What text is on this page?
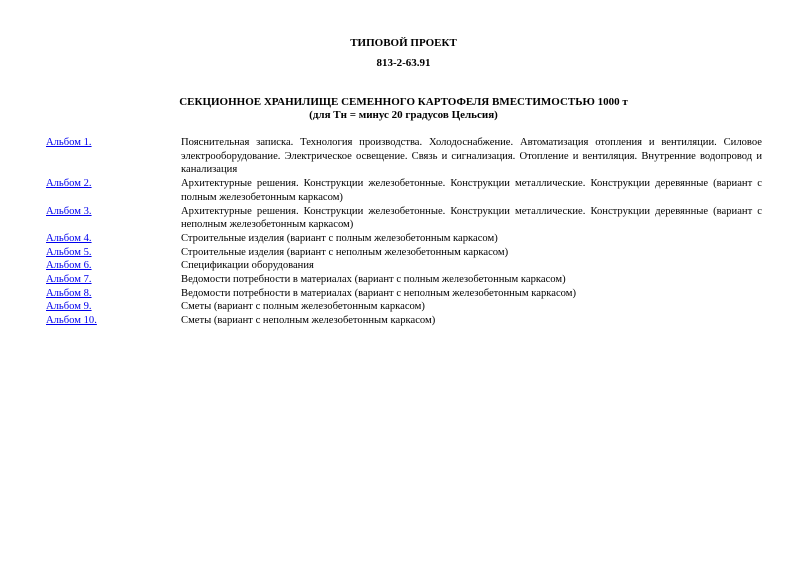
ТИПОВОЙ ПРОЕКТ
813-2-63.91
СЕКЦИОННОЕ ХРАНИЛИЩЕ СЕМЕННОГО КАРТОФЕЛЯ ВМЕСТИМОСТЬЮ 1000 т
(для Тн = минус 20 градусов Цельсия)
Альбом 1.	Пояснительная записка. Технология производства. Холодоснабжение. Автоматизация отопления и вентиляции. Силовое электрооборудование. Электрическое освещение. Связь и сигнализация. Отопление и вентиляция. Внутренние водопровод и канализация
Альбом 2.	Архитектурные решения. Конструкции железобетонные. Конструкции металлические. Конструкции деревянные (вариант с полным железобетонным каркасом)
Альбом 3.	Архитектурные решения. Конструкции железобетонные. Конструкции металлические. Конструкции деревянные (вариант с неполным железобетонным каркасом)
Альбом 4.	Строительные изделия (вариант с полным железобетонным каркасом)
Альбом 5.	Строительные изделия (вариант с неполным железобетонным каркасом)
Альбом 6.	Спецификации оборудования
Альбом 7.	Ведомости потребности в материалах (вариант с полным железобетонным каркасом)
Альбом 8.	Ведомости потребности в материалах (вариант с неполным железобетонным каркасом)
Альбом 9.	Сметы (вариант с полным железобетонным каркасом)
Альбом 10.	Сметы (вариант с неполным железобетонным каркасом)
